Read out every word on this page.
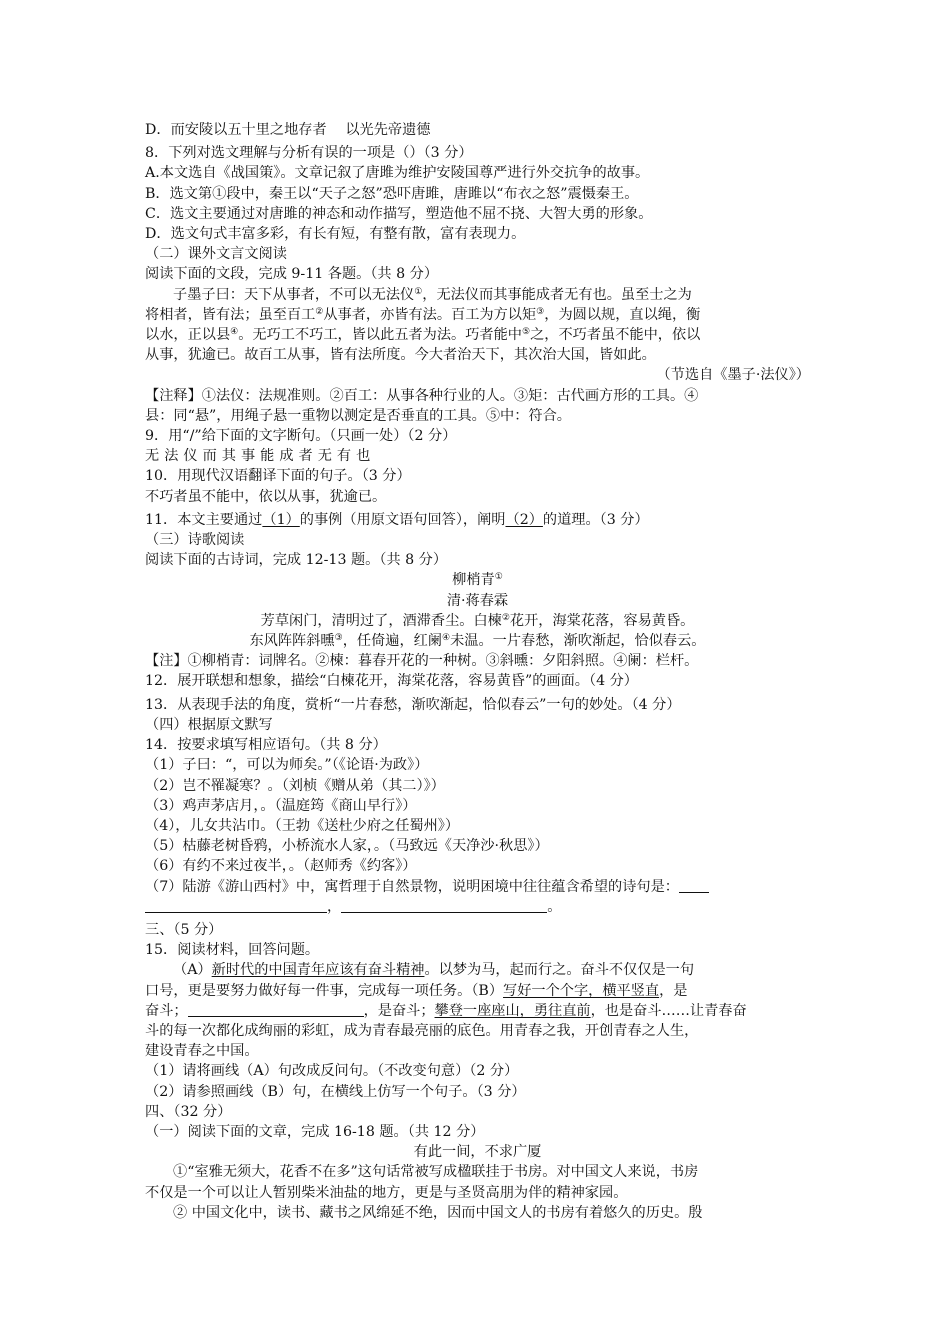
D．而安陵以五十里之地存者　 以光先帝遗德
8．下列对选文理解与分析有误的一项是（）（3 分）
A.本文选自《战国策》。文章记叙了唐雎为维护安陵国尊严进行外交抗争的故事。
B．选文第①段中，秦王以“天子之怒”恐吓唐雎，唐雎以“布衣之怒”震慑秦王。
C．选文主要通过对唐雎的神态和动作描写，塑造他不屈不挠、大智大勇的形象。
D．选文句式丰富多彩，有长有短，有整有散，富有表现力。
（二）课外文言文阅读
阅读下面的文段，完成 9-11 各题。（共 8 分）
子墨子曰：天下从事者，不可以无法仪①，无法仪而其事能成者无有也。虽至士之为
将相者，皆有法；虽至百工②从事者，亦皆有法。百工为方以矩③，为圆以规，直以绳，衡
以水，正以县④。无巧工不巧工，皆以此五者为法。巧者能中⑤之，不巧者虽不能中，依以
从事，犹逾已。故百工从事，皆有法所度。今大者治天下，其次治大国，皆如此。
（节选自《墨子·法仪》）
【注释】①法仪：法规准则。②百工：从事各种行业的人。③矩：古代画方形的工具。④
县：同“悬”，用绳子悬一重物以测定是否垂直的工具。⑤中：符合。
9．用“/”给下面的文字断句。（只画一处）（2 分）
无法仪而其事能成者无有也
10．用现代汉语翻译下面的句子。（3 分）
不巧者虽不能中，依以从事，犹逾已。
11．本文主要通过（1）的事例（用原文语句回答），阐明（2）的道理。（3 分）
（三）诗歌阅读
阅读下面的古诗词，完成 12-13 题。（共 8 分）
柳梢青①
清·蒋春霖
芳草闲门，清明过了，酒滞香尘。白楝②花开，海棠花落，容易黄昏。
东风阵阵斜曛③，任倚遍，红阑④未温。一片春愁，渐吹渐起，恰似春云。
【注】①柳梢青：词牌名。②楝：暮春开花的一种树。③斜曛：夕阳斜照。④阑：栏杆。
12．展开联想和想象，描绘“白楝花开，海棠花落，容易黄昏”的画面。（4 分）
13．从表现手法的角度，赏析“一片春愁，渐吹渐起，恰似春云”一句的妙处。（4 分）
（四）根据原文默写
14．按要求填写相应语句。（共 8 分）
（1）子曰：“，可以为师矣。”（《论语·为政》）
（2）岂不罹凝寒？。（刘桢《赠从弟（其二）》）
（3）鸡声茅店月，。（温庭筠《商山早行》）
（4），儿女共沾巾。（王勃《送杜少府之任蜀州》）
（5）枯藤老树昏鸦，小桥流水人家，。（马致远《天净沙·秋思》）
（6）有约不来过夜半，。（赵师秀《约客》）
（7）陆游《游山西村》中，寓哲理于自然景物，说明困境中往往蕴含希望的诗句是：
，	。
三、（5 分）
15．阅读材料，回答问题。
（A）新时代的中国青年应该有奋斗精神。以梦为马，起而行之。奋斗不仅仅是一句
口号，更是要努力做好每一件事，完成每一项任务。（B）写好一个个字，横平竖直，是
奋斗；	，是奋斗；攀登一座座山，勇往直前，也是奋斗……让青春奋
斗的每一次都化成绚丽的彩虹，成为青春最亮丽的底色。用青春之我，开创青春之人生，
建设青春之中国。
（1）请将画线（A）句改成反问句。（不改变句意）（2 分）
（2）请参照画线（B）句，在横线上仿写一个句子。（3 分）
四、（32 分）
（一）阅读下面的文章，完成 16-18 题。（共 12 分）
有此一间，不求广厦
①“室雅无须大，花香不在多”这句话常被写成楹联挂于书房。对中国文人来说，书房
不仅是一个可以让人暂别柴米油盐的地方，更是与圣贤高朋为伴的精神家园。
② 中国文化中，读书、藏书之风绵延不绝，因而中国文人的书房有着悠久的历史。殷
